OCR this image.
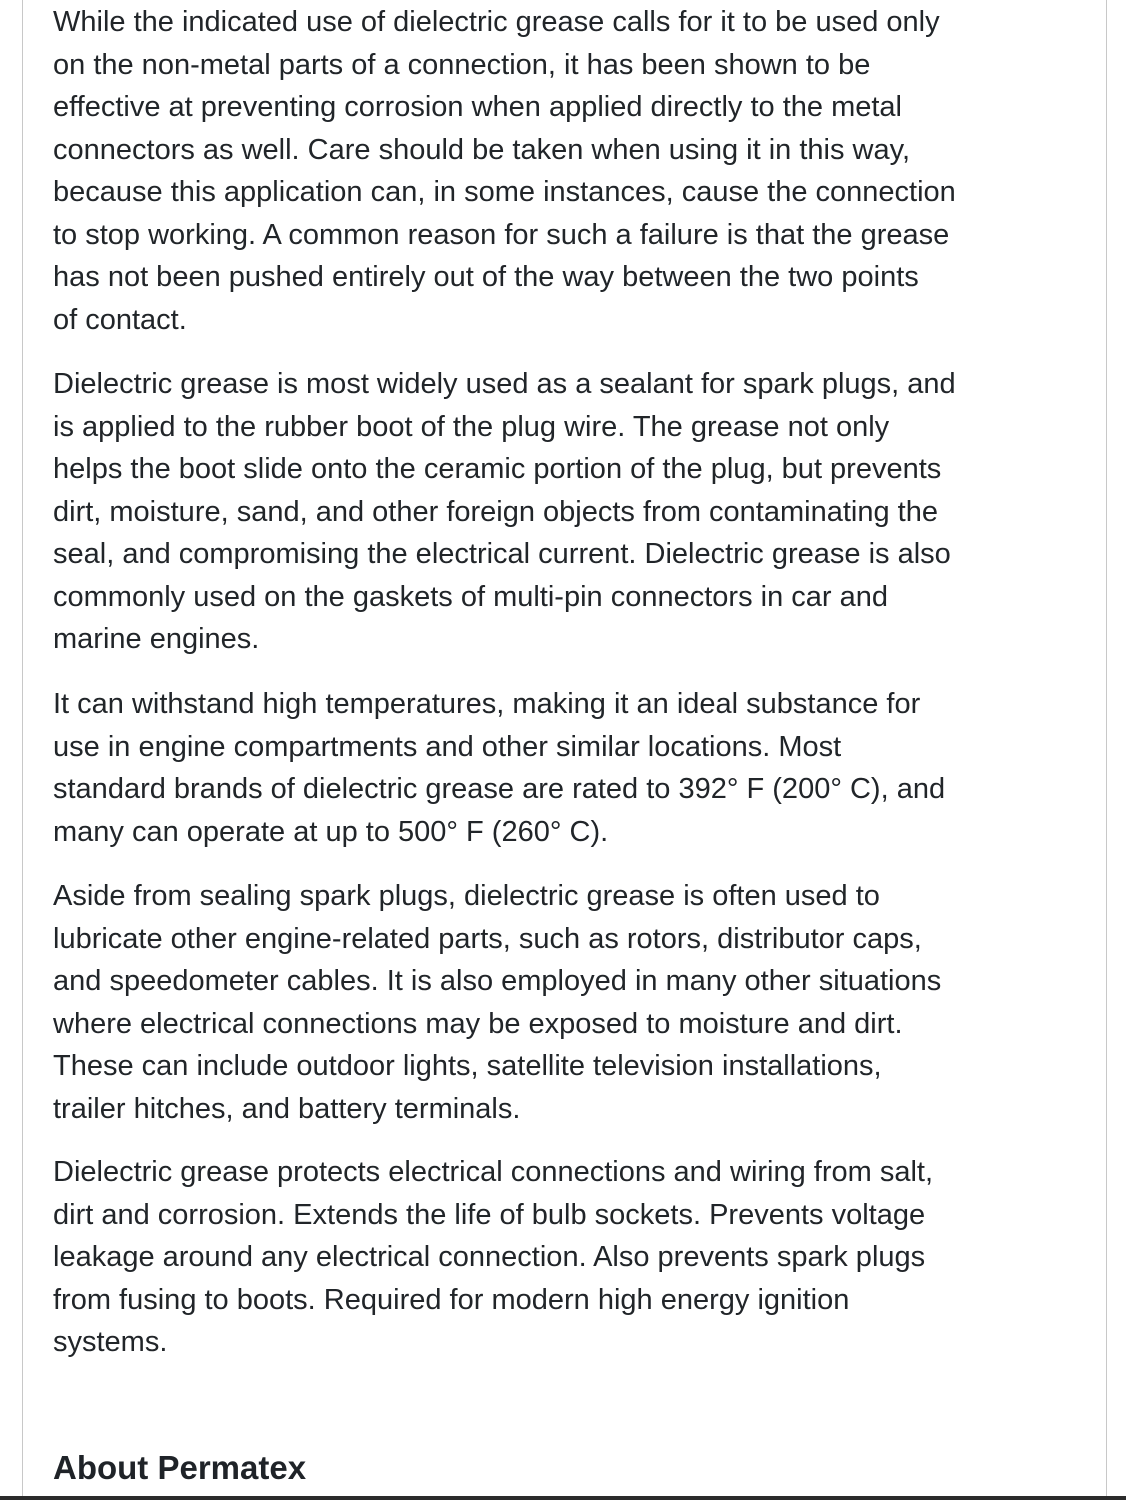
While the indicated use of dielectric grease calls for it to be used only
on the non-metal parts of a connection, it has been shown to be
effective at preventing corrosion when applied directly to the metal
connectors as well. Care should be taken when using it in this way,
because this application can, in some instances, cause the connection
to stop working. A common reason for such a failure is that the grease
has not been pushed entirely out of the way between the two points
of contact.

Dielectric grease is most widely used as a sealant for spark plugs, and
is applied to the rubber boot of the plug wire. The grease not only
helps the boot slide onto the ceramic portion of the plug, but prevents
dirt, moisture, sand, and other foreign objects from contaminating the
seal, and compromising the electrical current. Dielectric grease is also
commonly used on the gaskets of multi-pin connectors in car and
marine engines.

It can withstand high temperatures, making it an ideal substance for
use in engine compartments and other similar locations. Most
standard brands of dielectric grease are rated to 392° F (200° C), and
many can operate at up to 500° F (260° C).

Aside from sealing spark plugs, dielectric grease is often used to
lubricate other engine-related parts, such as rotors, distributor caps,
and speedometer cables. It is also employed in many other situations
where electrical connections may be exposed to moisture and dirt.
These can include outdoor lights, satellite television installations,
trailer hitches, and battery terminals.

Dielectric grease protects electrical connections and wiring from salt,
dirt and corrosion. Extends the life of bulb sockets. Prevents voltage
leakage around any electrical connection. Also prevents spark plugs
from fusing to boots. Required for modern high energy ignition
systems.

About Permatex
